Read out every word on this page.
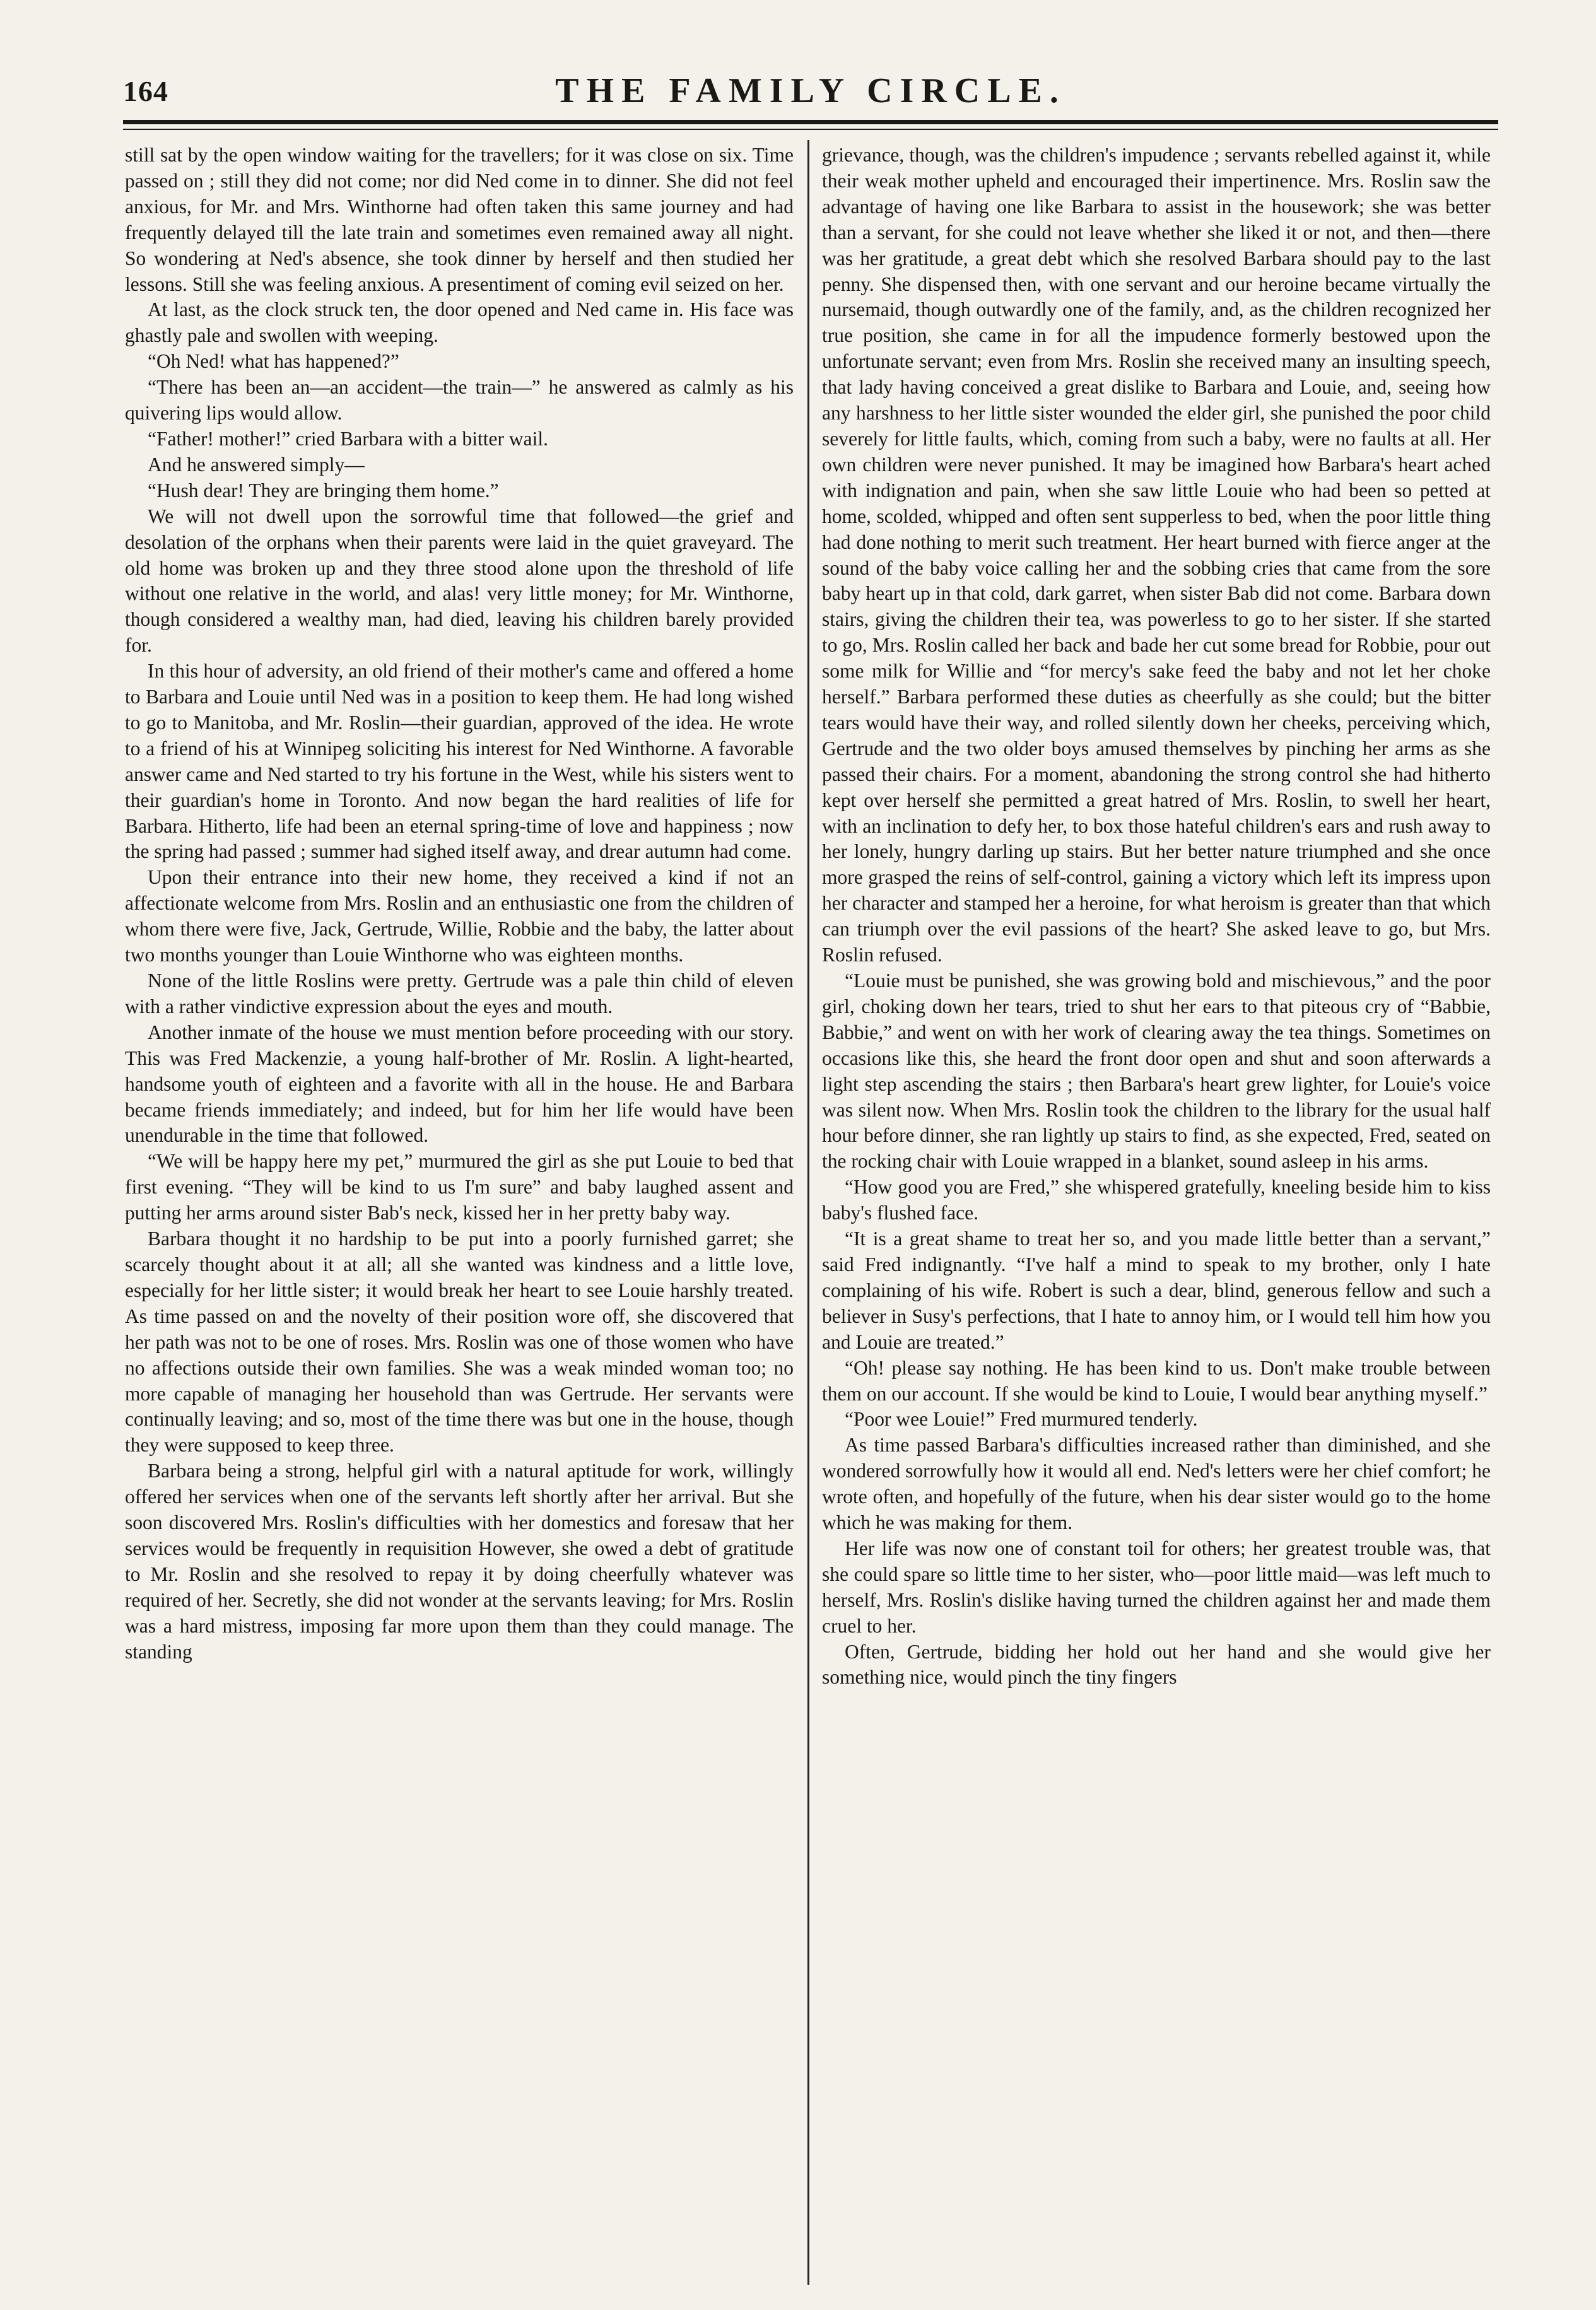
164	THE FAMILY CIRCLE.

still sat by the open window waiting for the travellers; for it was close on six. Time passed on ; still they did not come; nor did Ned come in to dinner. She did not feel anxious, for Mr. and Mrs. Winthorne had often taken this same journey and had frequently delayed till the late train and sometimes even remained away all night. So wondering at Ned's absence, she took dinner by herself and then studied her lessons. Still she was feeling anxious. A presentiment of coming evil seized on her.

At last, as the clock struck ten, the door opened and Ned came in. His face was ghastly pale and swollen with weeping.

“Oh Ned! what has happened?”

“There has been an—an accident—the train—” he answered as calmly as his quivering lips would allow.

“Father! mother!” cried Barbara with a bitter wail.

And he answered simply—

“Hush dear! They are bringing them home.”

We will not dwell upon the sorrowful time that followed—the grief and desolation of the orphans when their parents were laid in the quiet graveyard. The old home was broken up and they three stood alone upon the threshold of life without one relative in the world, and alas! very little money; for Mr. Winthorne, though considered a wealthy man, had died, leaving his children barely provided for.

In this hour of adversity, an old friend of their mother's came and offered a home to Barbara and Louie until Ned was in a position to keep them. He had long wished to go to Manitoba, and Mr. Roslin—their guardian, approved of the idea. He wrote to a friend of his at Winnipeg soliciting his interest for Ned Winthorne. A favorable answer came and Ned started to try his fortune in the West, while his sisters went to their guardian's home in Toronto. And now began the hard realities of life for Barbara. Hitherto, life had been an eternal spring-time of love and happiness ; now the spring had passed ; summer had sighed itself away, and drear autumn had come.

Upon their entrance into their new home, they received a kind if not an affectionate welcome from Mrs. Roslin and an enthusiastic one from the children of whom there were five, Jack, Gertrude, Willie, Robbie and the baby, the latter about two months younger than Louie Winthorne who was eighteen months.

None of the little Roslins were pretty. Gertrude was a pale thin child of eleven with a rather vindictive expression about the eyes and mouth.

Another inmate of the house we must mention before proceeding with our story. This was Fred Mackenzie, a young half-brother of Mr. Roslin. A light-hearted, handsome youth of eighteen and a favorite with all in the house. He and Barbara became friends immediately; and indeed, but for him her life would have been unendurable in the time that followed.

“We will be happy here my pet,” murmured the girl as she put Louie to bed that first evening. “They will be kind to us I'm sure” and baby laughed assent and putting her arms around sister Bab's neck, kissed her in her pretty baby way.

Barbara thought it no hardship to be put into a poorly furnished garret; she scarcely thought about it at all; all she wanted was kindness and a little love, especially for her little sister; it would break her heart to see Louie harshly treated. As time passed on and the novelty of their position wore off, she discovered that her path was not to be one of roses. Mrs. Roslin was one of those women who have no affections outside their own families. She was a weak minded woman too; no more capable of managing her household than was Gertrude. Her servants were continually leaving; and so, most of the time there was but one in the house, though they were supposed to keep three.

Barbara being a strong, helpful girl with a natural aptitude for work, willingly offered her services when one of the servants left shortly after her arrival. But she soon discovered Mrs. Roslin's difficulties with her domestics and foresaw that her services would be frequently in requisition However, she owed a debt of gratitude to Mr. Roslin and she resolved to repay it by doing cheerfully whatever was required of her. Secretly, she did not wonder at the servants leaving; for Mrs. Roslin was a hard mistress, imposing far more upon them than they could manage. The standing

grievance, though, was the children's impudence ; servants rebelled against it, while their weak mother upheld and encouraged their impertinence. Mrs. Roslin saw the advantage of having one like Barbara to assist in the housework; she was better than a servant, for she could not leave whether she liked it or not, and then—there was her gratitude, a great debt which she resolved Barbara should pay to the last penny. She dispensed then, with one servant and our heroine became virtually the nursemaid, though outwardly one of the family, and, as the children recognized her true position, she came in for all the impudence formerly bestowed upon the unfortunate servant; even from Mrs. Roslin she received many an insulting speech, that lady having conceived a great dislike to Barbara and Louie, and, seeing how any harshness to her little sister wounded the elder girl, she punished the poor child severely for little faults, which, coming from such a baby, were no faults at all. Her own children were never punished. It may be imagined how Barbara's heart ached with indignation and pain, when she saw little Louie who had been so petted at home, scolded, whipped and often sent supperless to bed, when the poor little thing had done nothing to merit such treatment. Her heart burned with fierce anger at the sound of the baby voice calling her and the sobbing cries that came from the sore baby heart up in that cold, dark garret, when sister Bab did not come. Barbara down stairs, giving the children their tea, was powerless to go to her sister. If she started to go, Mrs. Roslin called her back and bade her cut some bread for Robbie, pour out some milk for Willie and “for mercy's sake feed the baby and not let her choke herself.” Barbara performed these duties as cheerfully as she could; but the bitter tears would have their way, and rolled silently down her cheeks, perceiving which, Gertrude and the two older boys amused themselves by pinching her arms as she passed their chairs. For a moment, abandoning the strong control she had hitherto kept over herself she permitted a great hatred of Mrs. Roslin, to swell her heart, with an inclination to defy her, to box those hateful children's ears and rush away to her lonely, hungry darling up stairs. But her better nature triumphed and she once more grasped the reins of self-control, gaining a victory which left its impress upon her character and stamped her a heroine, for what heroism is greater than that which can triumph over the evil passions of the heart? She asked leave to go, but Mrs. Roslin refused.

“Louie must be punished, she was growing bold and mischievous,” and the poor girl, choking down her tears, tried to shut her ears to that piteous cry of “Babbie, Babbie,” and went on with her work of clearing away the tea things. Sometimes on occasions like this, she heard the front door open and shut and soon afterwards a light step ascending the stairs ; then Barbara's heart grew lighter, for Louie's voice was silent now. When Mrs. Roslin took the children to the library for the usual half hour before dinner, she ran lightly up stairs to find, as she expected, Fred, seated on the rocking chair with Louie wrapped in a blanket, sound asleep in his arms.

“How good you are Fred,” she whispered gratefully, kneeling beside him to kiss baby's flushed face.

“It is a great shame to treat her so, and you made little better than a servant,” said Fred indignantly. “I've half a mind to speak to my brother, only I hate complaining of his wife. Robert is such a dear, blind, generous fellow and such a believer in Susy's perfections, that I hate to annoy him, or I would tell him how you and Louie are treated.”

“Oh! please say nothing. He has been kind to us. Don't make trouble between them on our account. If she would be kind to Louie, I would bear anything myself.”

“Poor wee Louie!” Fred murmured tenderly.

As time passed Barbara's difficulties increased rather than diminished, and she wondered sorrowfully how it would all end. Ned's letters were her chief comfort; he wrote often, and hopefully of the future, when his dear sister would go to the home which he was making for them.

Her life was now one of constant toil for others; her greatest trouble was, that she could spare so little time to her sister, who—poor little maid—was left much to herself, Mrs. Roslin's dislike having turned the children against her and made them cruel to her.

Often, Gertrude, bidding her hold out her hand and she would give her something nice, would pinch the tiny fingers
